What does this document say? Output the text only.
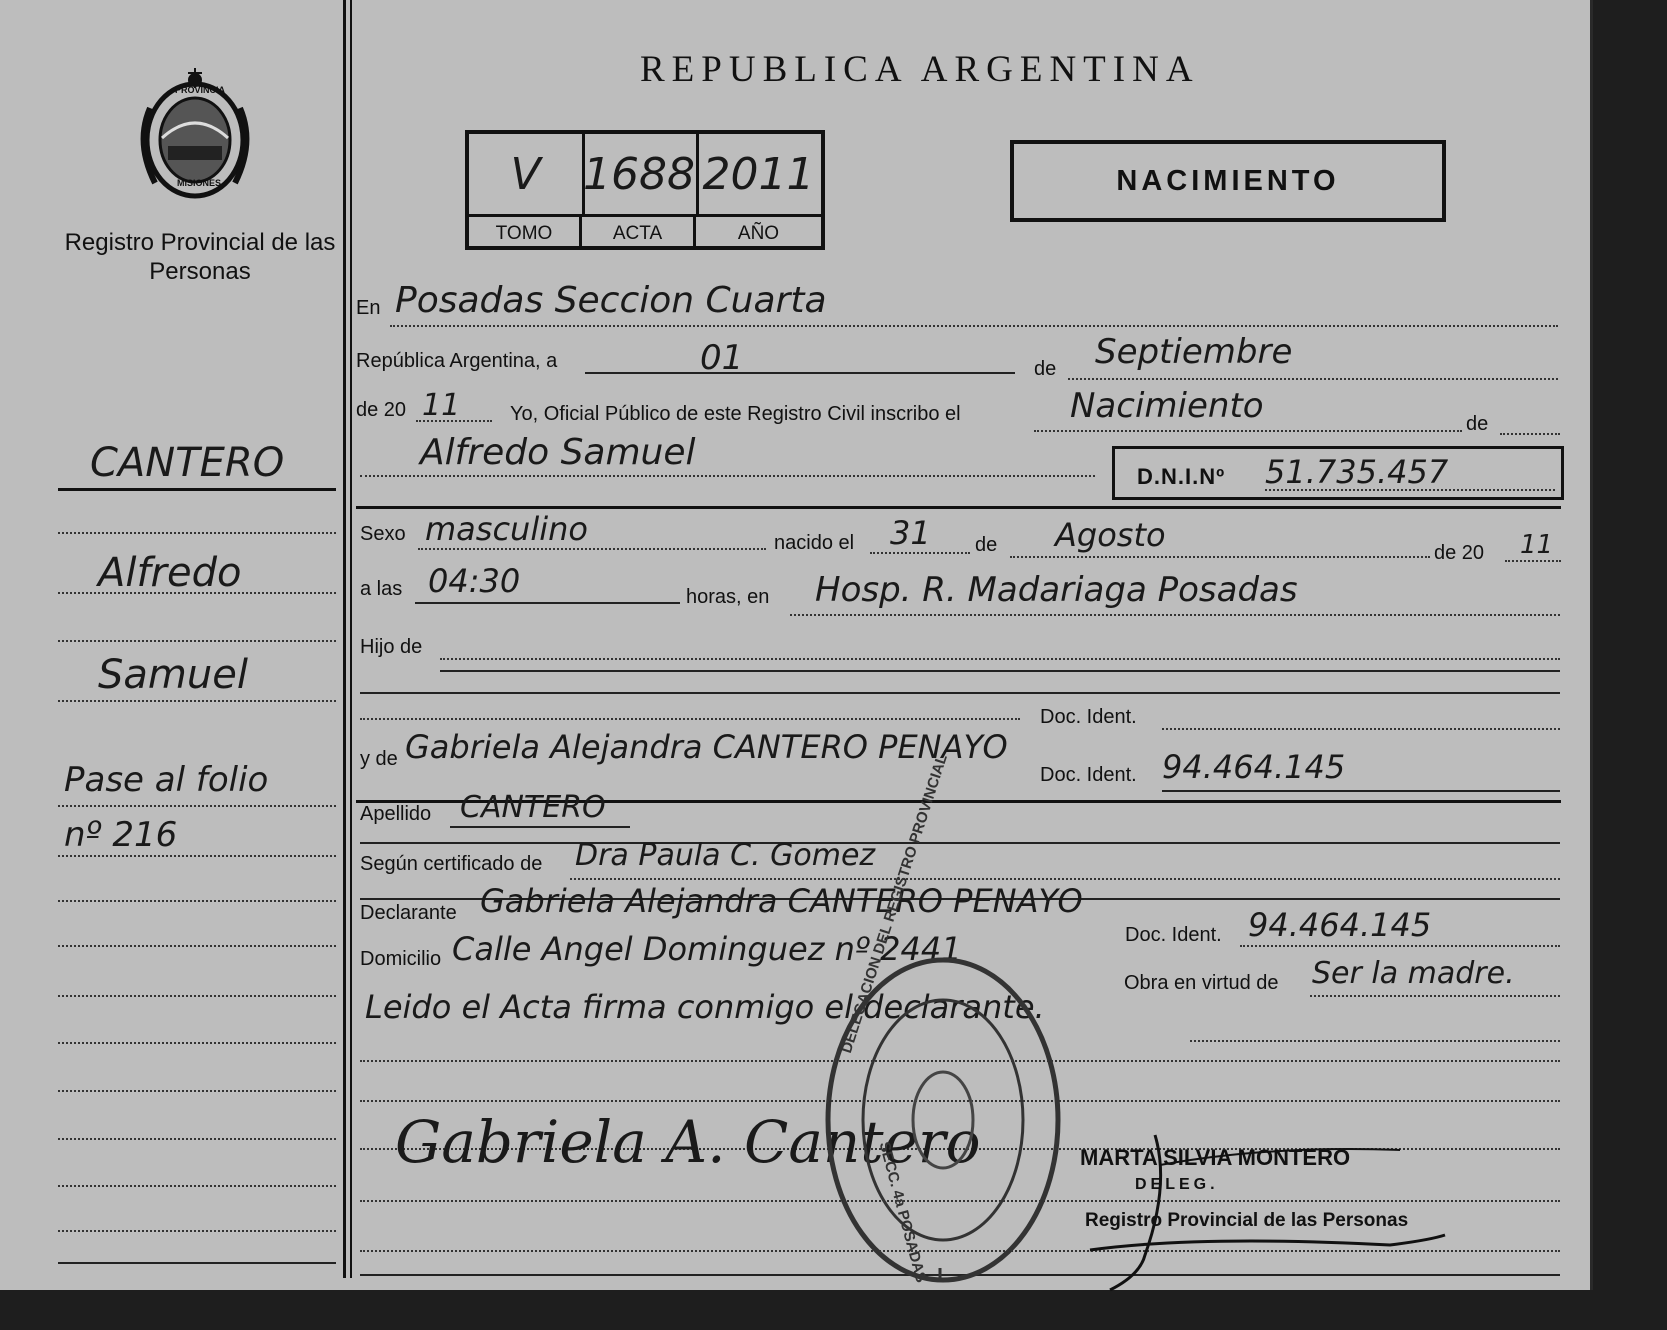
PROVINCIA
MISIONES
Registro Provincial de las Personas
CANTERO
Alfredo
Samuel
Pase al folio
nº 216
REPUBLICA ARGENTINA
V 1688 2011
TOMO	ACTA	AÑO
NACIMIENTO
En Posadas Seccion Cuarta
República Argentina, a	01	de Septiembre
de 20 11 Yo, Oficial Público de este Registro Civil inscribo el	Nacimiento	de
Alfredo Samuel
D.N.I.Nº 51.735.457
Sexo masculino	nacido el 31 de Agosto	de 20 11
a las 04:30	horas, en Hosp. R. Madariaga Posadas
Hijo de
Doc. Ident.
y de Gabriela Alejandra CANTERO PENAYO
Doc. Ident. 94.464.145
Apellido CANTERO
Según certificado de Dra Paula C. Gomez
Declarante Gabriela Alejandra CANTERO PENAYO
Doc. Ident. 94.464.145
Domicilio Calle Angel Dominguez nº 2441
Obra en virtud de Ser la madre.
Leido el Acta firma conmigo el declarante.
Gabriela A. Cantero
DELEGACION DEL REGISTRO PROVINCIAL
SECC. 4a POSADAS	MARTA SILVIA MONTERO
DELEG.
Registro Provincial de las Personas
